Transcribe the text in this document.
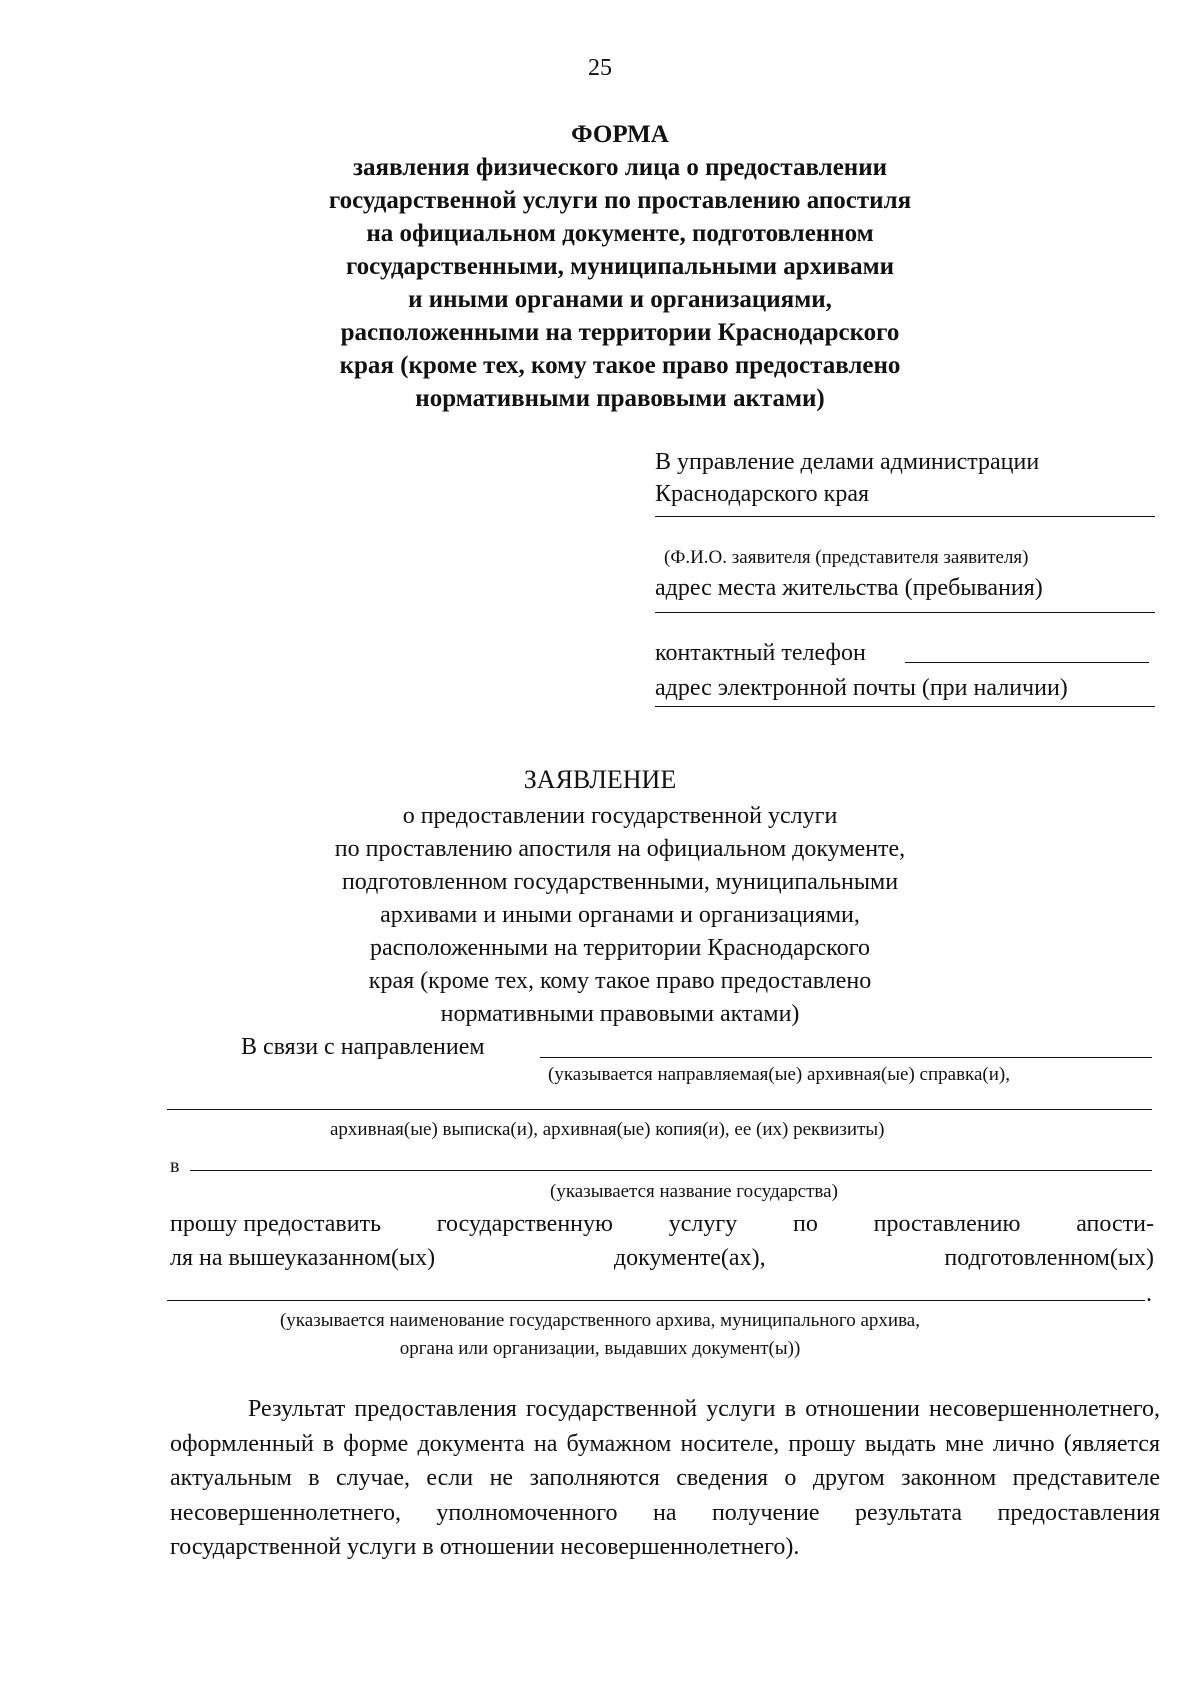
25
ФОРМА
заявления физического лица о предоставлении
государственной услуги по проставлению апостиля
на официальном документе, подготовленном
государственными, муниципальными архивами
и иными органами и организациями,
расположенными на территории Краснодарского
края (кроме тех, кому такое право предоставлено
нормативными правовыми актами)
В управление делами администрации
Краснодарского края
(Ф.И.О. заявителя (представителя заявителя)
адрес места жительства (пребывания)
контактный телефон
адрес электронной почты (при наличии)
ЗАЯВЛЕНИЕ
о предоставлении государственной услуги
по проставлению апостиля на официальном документе,
подготовленном государственными, муниципальными
архивами и иными органами и организациями,
расположенными на территории Краснодарского
края (кроме тех, кому такое право предоставлено
нормативными правовыми актами)
В связи с направлением
(указывается направляемая(ые) архивная(ые) справка(и),
архивная(ые) выписка(и), архивная(ые) копия(и), ее (их) реквизиты)
в
(указывается название государства)
прошу предоставить государственную услугу по проставлению апости-
ля на вышеуказанном(ых)	документе(ах),	подготовленном(ых)
.
(указывается наименование государственного архива, муниципального архива,
органа или организации, выдавших документ(ы))
Результат предоставления государственной услуги в отношении несовершеннолетнего, оформленный в форме документа на бумажном носителе, прошу выдать мне лично (является актуальным в случае, если не заполняются сведения о другом законном представителе несовершеннолетнего, уполномоченного на получение результата предоставления государственной услуги в отношении несовершеннолетнего).
